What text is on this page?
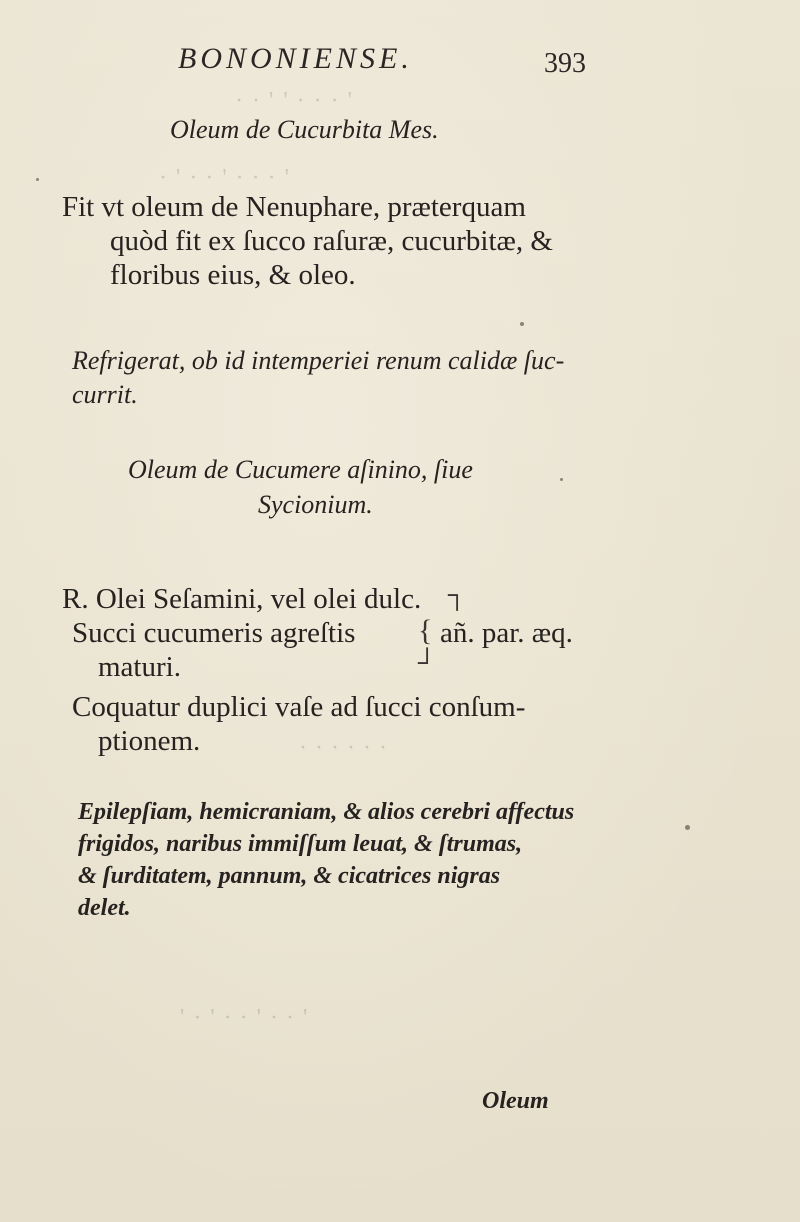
BONONIENSE.	393
· ∙ ' ' ∙ · ∙ '
∙ ' ∙ ∙ ' ∙ ∙ ∙ '
∙ ∙ ∙ ∙ ∙ ∙
' ∙ ' ∙ ∙ ' ∙ ∙ '
Oleum de Cucurbita Mes.
Fit vt oleum de Nenuphare, præterquam
quòd fit ex ſucco raſuræ, cucurbitæ, &
floribus eius, & oleo.
Refrigerat, ob id intemperiei renum calidæ ſuc-
currit.
Oleum de Cucumere aſinino, ſiue
Sycionium.
R. Olei Seſamini, vel olei dulc. ┐
Succi cucumeris agreſtis { añ. par. æq.
maturi.	┘
Coquatur duplici vaſe ad ſucci conſum-
ptionem.
Epilepſiam, hemicraniam, & alios cerebri affectus
frigidos, naribus immiſſum leuat, & ſtrumas,
& ſurditatem, pannum, & cicatrices nigras
delet.
Oleum
